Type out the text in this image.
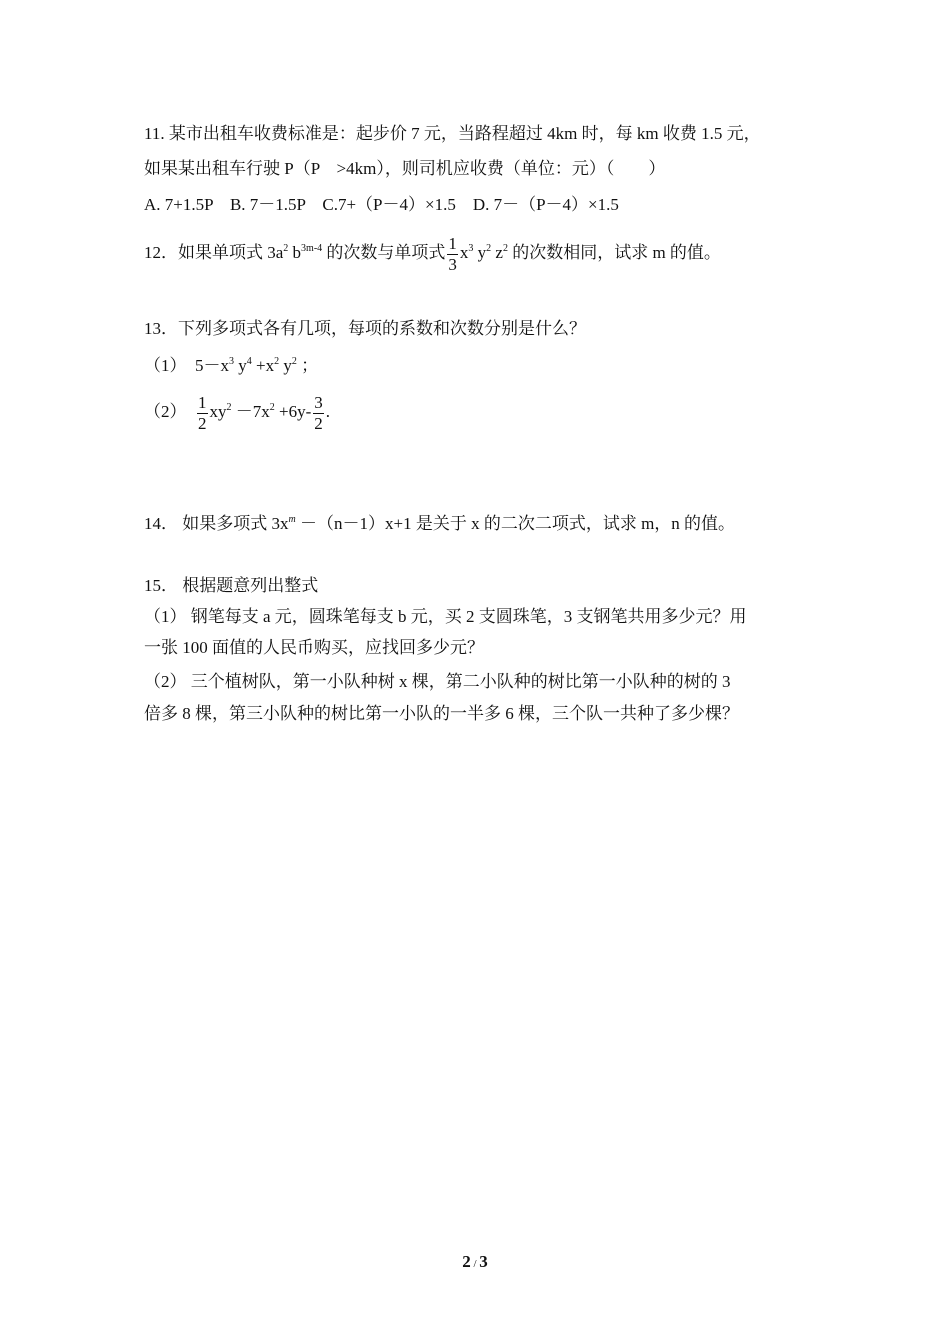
11. 某市出租车收费标准是：起步价 7 元，当路程超过 4km 时，每 km 收费 1.5 元，
如果某出租车行驶 P（P　>4km），则司机应收费（单位：元）（　　）
A. 7+1.5P　B. 7－1.5P　C.7+（P－4）×1.5　D. 7－（P－4）×1.5
12．如果单项式 $3a^2$ $b^{3m-4}$ 的次数与单项式 $\frac{1}{3} x^3$ $y^2$ $z^2$ 的次数相同，试求 m 的值。
13．下列多项式各有几项，每项的系数和次数分别是什么？
（1） $5-x^3$ $y^4 +x^2$ $y^2$ ；
$(2) \frac{1}{2} xy^2 -7x^2 +6y- \frac{3}{2}$ .
14． 如果多项式 $3x^m -(n-1)x+1$ 是关于 x 的二次二项式，试求 m，n 的值。
15． 根据题意列出整式
（1） 钢笔每支 a 元，圆珠笔每支 b 元，买 2 支圆珠笔，3 支钢笔共用多少元？用
一张 100 面值的人民币购买，应找回多少元？
（2） 三个植树队，第一小队种树 x 棵，第二小队种的树比第一小队种的树的 3
倍多 8 棵，第三小队种的树比第一小队的一半多 6 棵，三个队一共种了多少棵？
2 / 3
